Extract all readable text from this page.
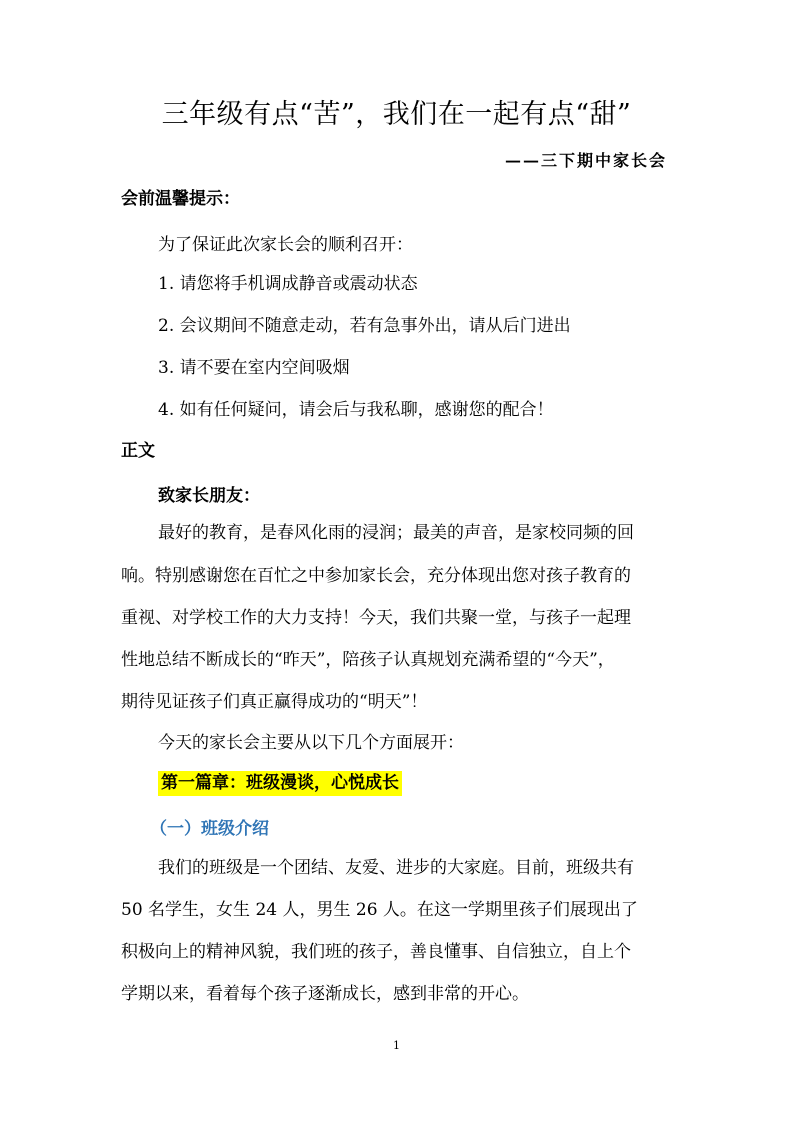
三年级有点“苦”，我们在一起有点“甜”
——三下期中家长会
会前温馨提示：
为了保证此次家长会的顺利召开：
1. 请您将手机调成静音或震动状态
2. 会议期间不随意走动，若有急事外出，请从后门进出
3. 请不要在室内空间吸烟
4. 如有任何疑问，请会后与我私聊，感谢您的配合！
正文
致家长朋友：
最好的教育，是春风化雨的浸润；最美的声音，是家校同频的回
响。特别感谢您在百忙之中参加家长会，充分体现出您对孩子教育的
重视、对学校工作的大力支持！今天，我们共聚一堂，与孩子一起理
性地总结不断成长的“昨天”，陪孩子认真规划充满希望的“今天”，
期待见证孩子们真正赢得成功的“明天”！
今天的家长会主要从以下几个方面展开：
第一篇章：班级漫谈，心悦成长
（一）班级介绍
我们的班级是一个团结、友爱、进步的大家庭。目前，班级共有
50 名学生，女生 24 人，男生 26 人。在这一学期里孩子们展现出了
积极向上的精神风貌，我们班的孩子，善良懂事、自信独立，自上个
学期以来，看着每个孩子逐渐成长，感到非常的开心。
1
